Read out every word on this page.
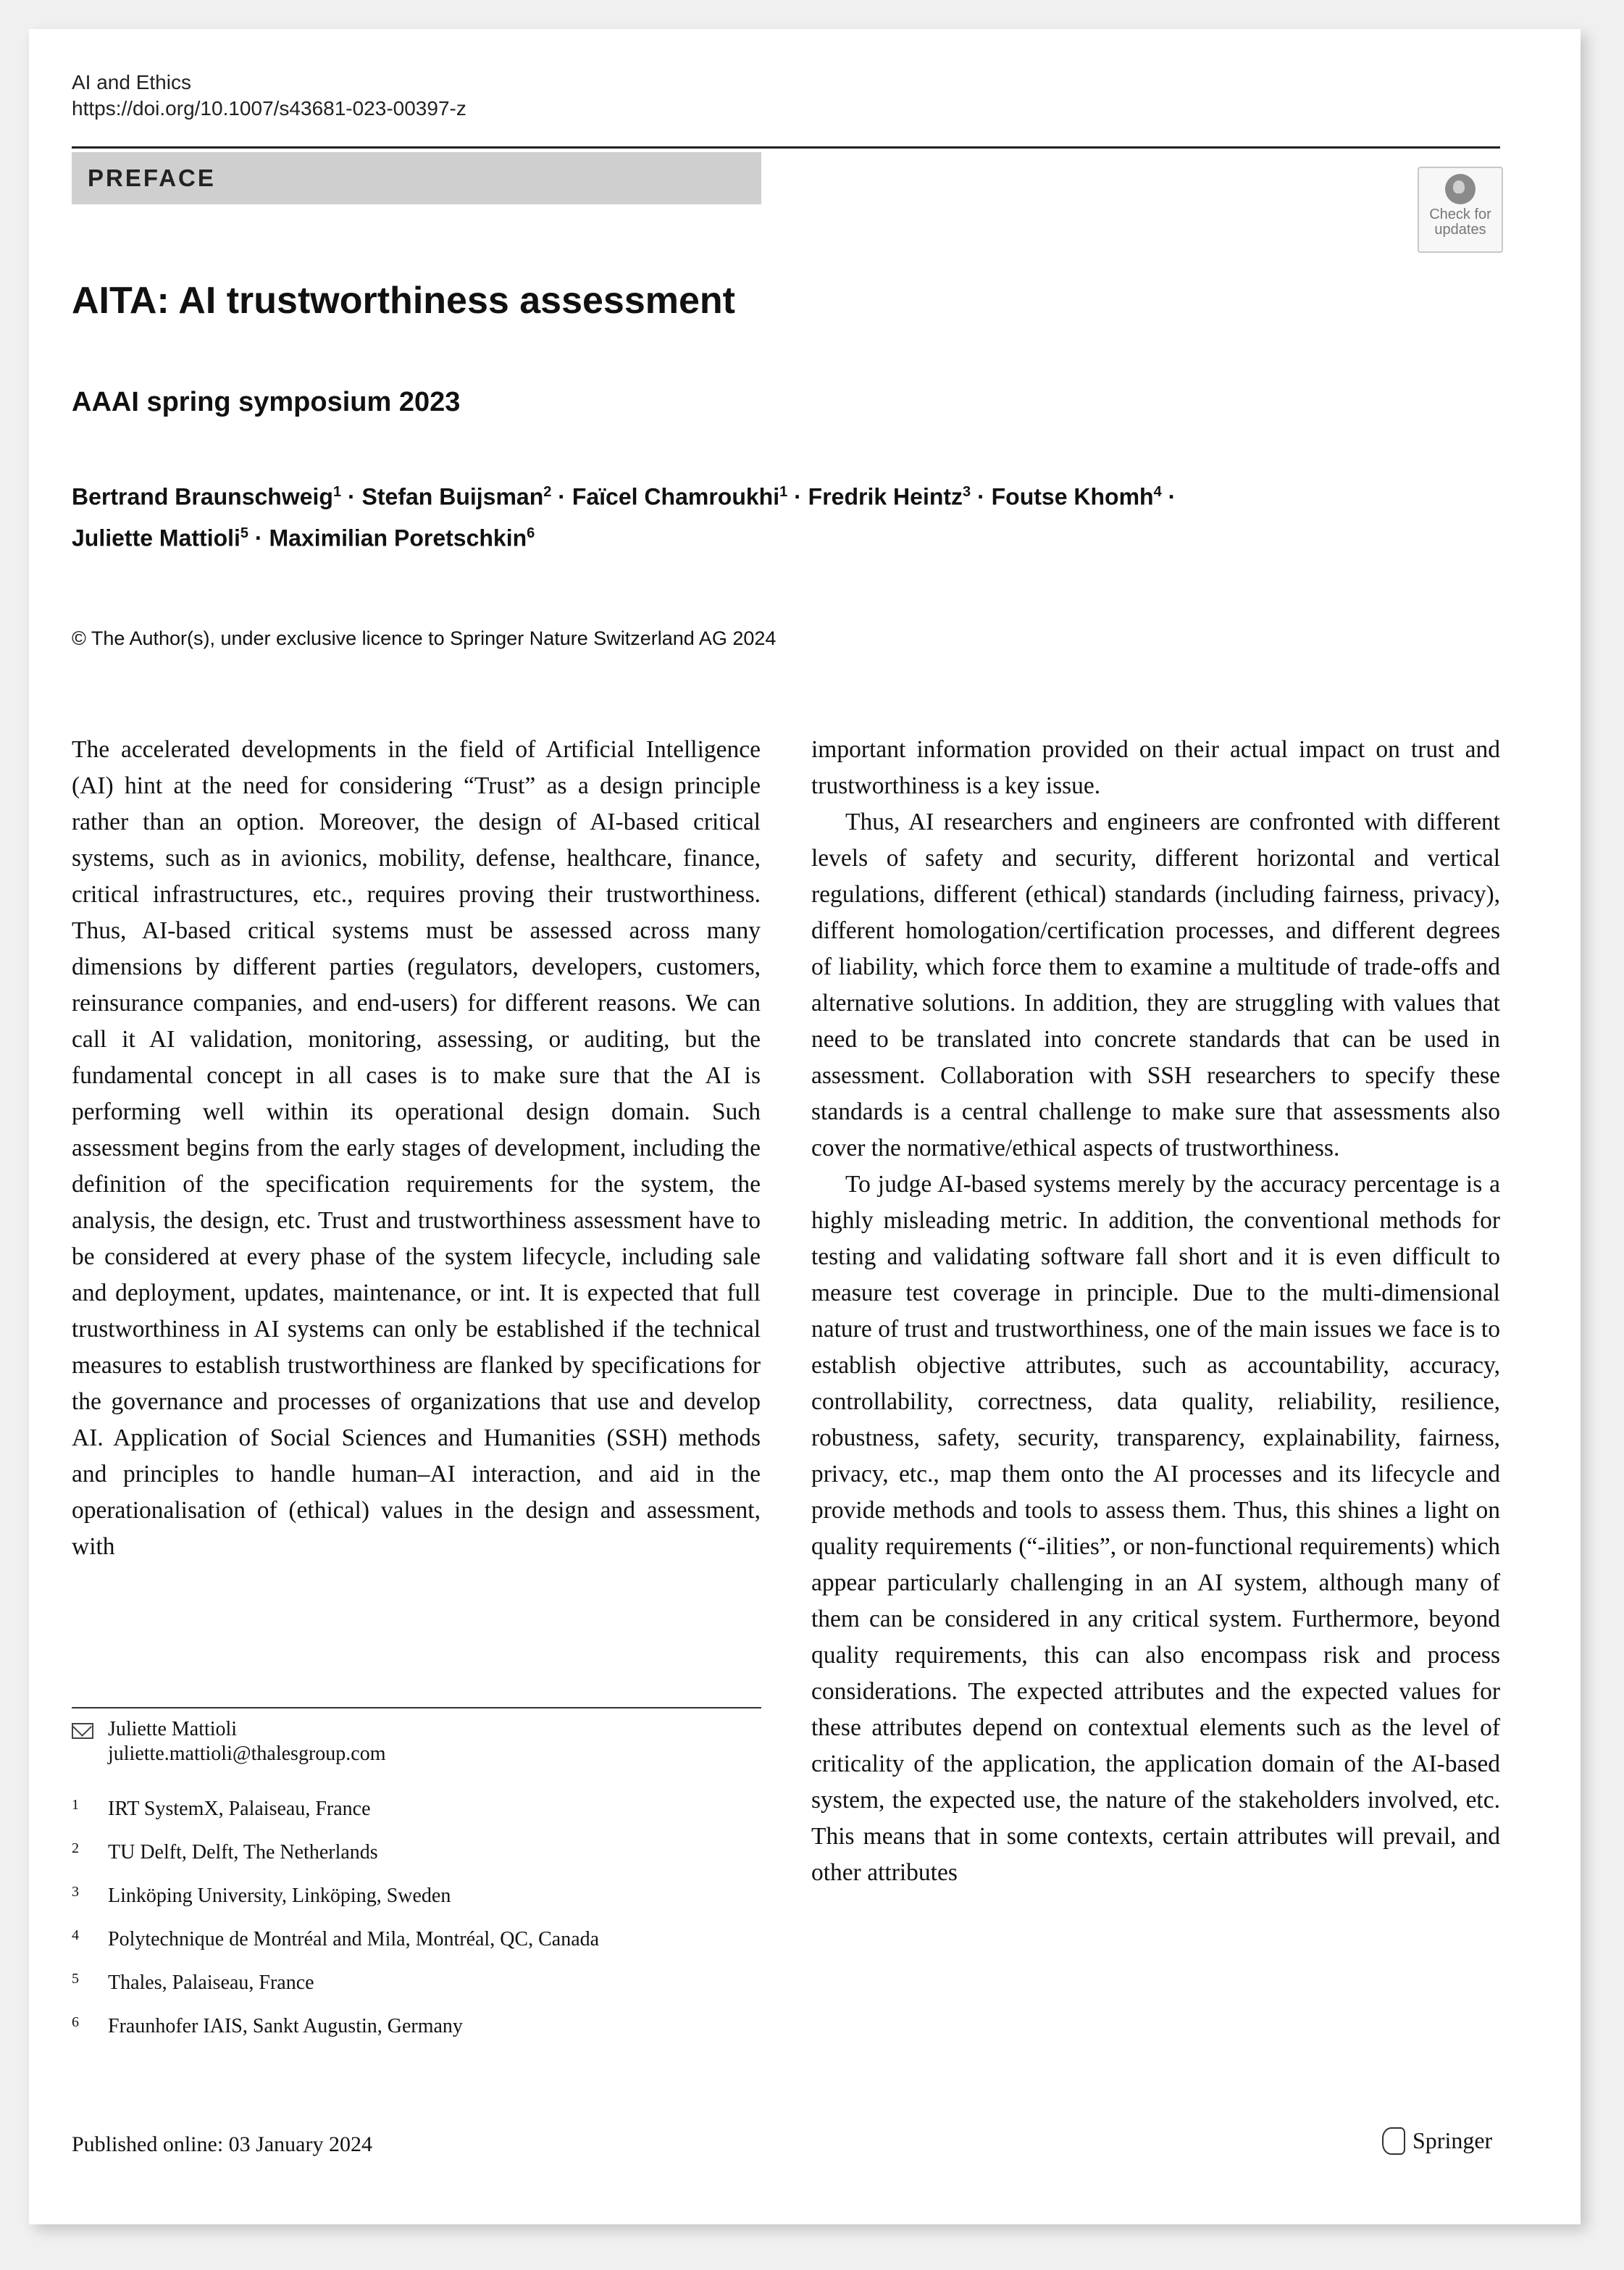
AI and Ethics
https://doi.org/10.1007/s43681-023-00397-z
PREFACE
Check for updates
AITA: AI trustworthiness assessment
AAAI spring symposium 2023
Bertrand Braunschweig$^1$ · Stefan Buijsman$^2$ · Faïcel Chamroukhi$^1$ · Fredrik Heintz$^3$ · Foutse Khomh$^4$ ·
Juliette Mattioli$^5$ · Maximilian Poretschkin$^6$
© The Author(s), under exclusive licence to Springer Nature Switzerland AG 2024

The accelerated developments in the field of Artificial Intelligence (AI) hint at the need for considering “Trust” as a design principle rather than an option. Moreover, the design of AI-based critical systems, such as in avionics, mobility, defense, healthcare, finance, critical infrastructures, etc., requires proving their trustworthiness. Thus, AI-based critical systems must be assessed across many dimensions by different parties (regulators, developers, customers, reinsurance companies, and end-users) for different reasons. We can call it AI validation, monitoring, assessing, or auditing, but the fundamental concept in all cases is to make sure that the AI is performing well within its operational design domain. Such assessment begins from the early stages of development, including the definition of the specification requirements for the system, the analysis, the design, etc. Trust and trustworthiness assessment have to be considered at every phase of the system lifecycle, including sale and deployment, updates, maintenance, or int. It is expected that full trustworthiness in AI systems can only be established if the technical measures to establish trustworthiness are flanked by specifications for the governance and processes of organizations that use and develop AI. Application of Social Sciences and Humanities (SSH) methods and principles to handle human–AI interaction, and aid in the operationalisation of (ethical) values in the design and assessment, with

important information provided on their actual impact on trust and trustworthiness is a key issue.

Thus, AI researchers and engineers are confronted with different levels of safety and security, different horizontal and vertical regulations, different (ethical) standards (including fairness, privacy), different homologation/certification processes, and different degrees of liability, which force them to examine a multitude of trade-offs and alternative solutions. In addition, they are struggling with values that need to be translated into concrete standards that can be used in assessment. Collaboration with SSH researchers to specify these standards is a central challenge to make sure that assessments also cover the normative/ethical aspects of trustworthiness.

To judge AI-based systems merely by the accuracy percentage is a highly misleading metric. In addition, the conventional methods for testing and validating software fall short and it is even difficult to measure test coverage in principle. Due to the multi-dimensional nature of trust and trustworthiness, one of the main issues we face is to establish objective attributes, such as accountability, accuracy, controllability, correctness, data quality, reliability, resilience, robustness, safety, security, transparency, explainability, fairness, privacy, etc., map them onto the AI processes and its lifecycle and provide methods and tools to assess them. Thus, this shines a light on quality requirements (“-ilities”, or non-functional requirements) which appear particularly challenging in an AI system, although many of them can be considered in any critical system. Furthermore, beyond quality requirements, this can also encompass risk and process considerations. The expected attributes and the expected values for these attributes depend on contextual elements such as the level of criticality of the application, the application domain of the AI-based system, the expected use, the nature of the stakeholders involved, etc. This means that in some contexts, certain attributes will prevail, and other attributes

Juliette Mattioli
juliette.mattioli@thalesgroup.com
1 IRT SystemX, Palaiseau, France
2 TU Delft, Delft, The Netherlands
3 Linköping University, Linköping, Sweden
4 Polytechnique de Montréal and Mila, Montréal, QC, Canada
5 Thales, Palaiseau, France
6 Fraunhofer IAIS, Sankt Augustin, Germany
Published online: 03 January 2024	Springer
